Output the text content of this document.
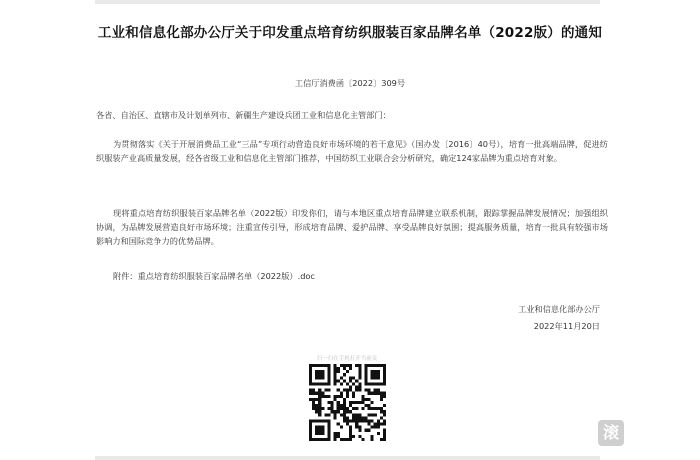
工业和信息化部办公厅关于印发重点培育纺织服装百家品牌名单（2022版）的通知
工信厅消费函〔2022〕309号
各省、自治区、直辖市及计划单列市、新疆生产建设兵团工业和信息化主管部门：
为贯彻落实《关于开展消费品工业“三品”专项行动营造良好市场环境的若干意见》（国办发〔2016〕40号），培育一批高端品牌，促进纺织服装产业高质量发展，经各省级工业和信息化主管部门推荐，中国纺织工业联合会分析研究，确定124家品牌为重点培育对象。
现将重点培育纺织服装百家品牌名单（2022版）印发你们，请与本地区重点培育品牌建立联系机制，跟踪掌握品牌发展情况；加强组织协调，为品牌发展营造良好市场环境；注重宣传引导，形成培育品牌、爱护品牌、享受品牌良好氛围；提高服务质量，培育一批具有较强市场影响力和国际竞争力的优势品牌。
附件：重点培育纺织服装百家品牌名单（2022版）.doc
工业和信息化部办公厅
2022年11月20日
扫一扫在手机打开当前页
滚
